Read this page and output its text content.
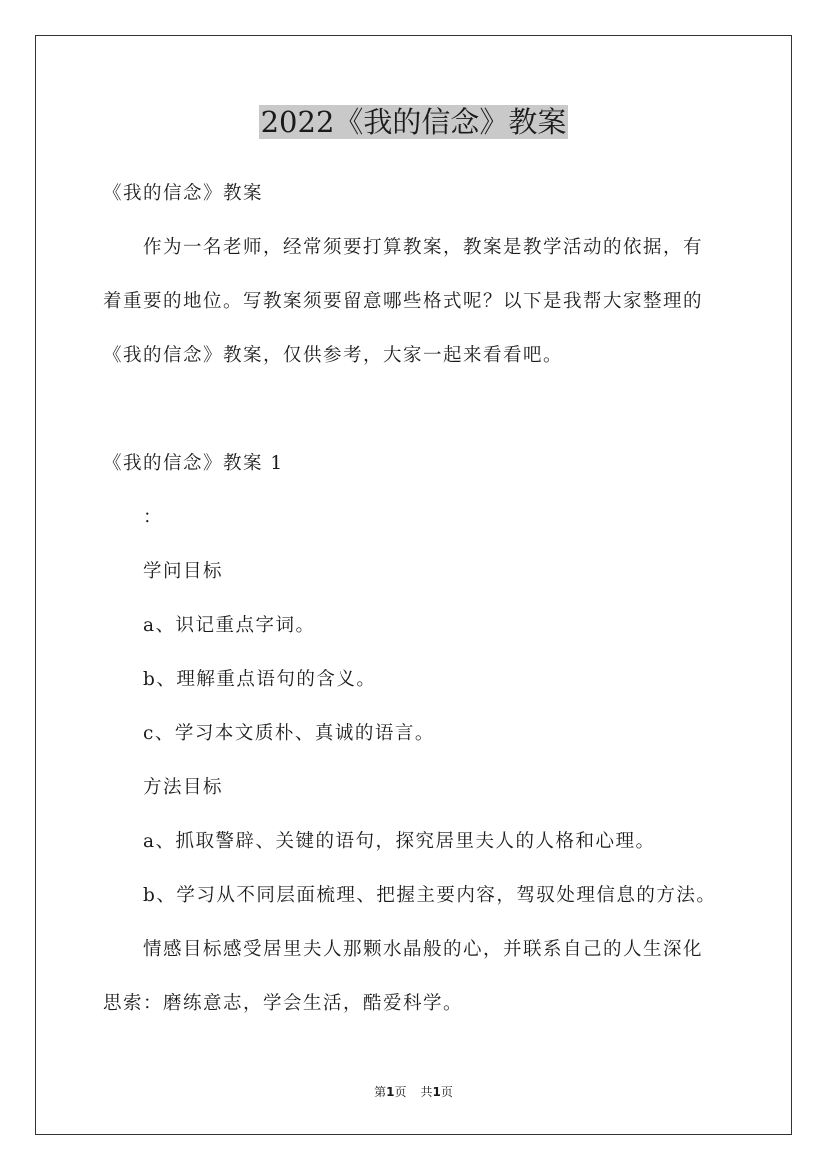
2022《我的信念》教案
《我的信念》教案
作为一名老师，经常须要打算教案，教案是教学活动的依据，有
着重要的地位。写教案须要留意哪些格式呢？以下是我帮大家整理的
《我的信念》教案，仅供参考，大家一起来看看吧。
《我的信念》教案 1
：
学问目标
a、识记重点字词。
b、理解重点语句的含义。
c、学习本文质朴、真诚的语言。
方法目标
a、抓取警辟、关键的语句，探究居里夫人的人格和心理。
b、学习从不同层面梳理、把握主要内容，驾驭处理信息的方法。
情感目标感受居里夫人那颗水晶般的心，并联系自己的人生深化
思索：磨练意志，学会生活，酷爱科学。
第1页 共1页
